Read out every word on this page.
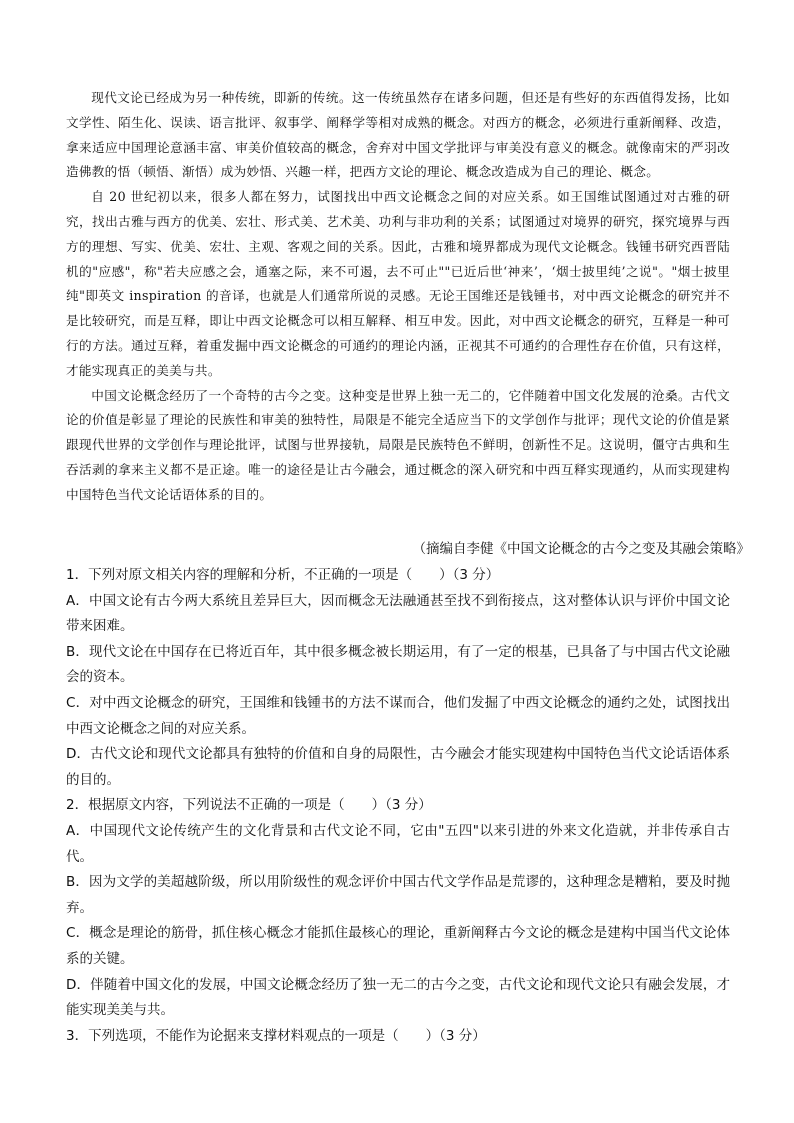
现代文论已经成为另一种传统，即新的传统。这一传统虽然存在诸多问题，但还是有些好的东西值得发扬，比如文学性、陌生化、误读、语言批评、叙事学、阐释学等相对成熟的概念。对西方的概念，必须进行重新阐释、改造，拿来适应中国理论意涵丰富、审美价值较高的概念，舍弃对中国文学批评与审美没有意义的概念。就像南宋的严羽改造佛教的悟（顿悟、渐悟）成为妙悟、兴趣一样，把西方文论的理论、概念改造成为自己的理论、概念。

自 20 世纪初以来，很多人都在努力，试图找出中西文论概念之间的对应关系。如王国维试图通过对古雅的研究，找出古雅与西方的优美、宏壮、形式美、艺术美、功利与非功利的关系；试图通过对境界的研究，探究境界与西方的理想、写实、优美、宏壮、主观、客观之间的关系。因此，古雅和境界都成为现代文论概念。钱锺书研究西晋陆机的"应感"，称"若夫应感之会，通塞之际，来不可遏，去不可止""已近后世‘神来’，‘烟士披里纯’之说"。"烟士披里纯"即英文 inspiration 的音译，也就是人们通常所说的灵感。无论王国维还是钱锺书，对中西文论概念的研究并不是比较研究，而是互释，即让中西文论概念可以相互解释、相互申发。因此，对中西文论概念的研究，互释是一种可行的方法。通过互释，着重发掘中西文论概念的可通约的理论内涵，正视其不可通约的合理性存在价值，只有这样，才能实现真正的美美与共。

中国文论概念经历了一个奇特的古今之变。这种变是世界上独一无二的，它伴随着中国文化发展的沧桑。古代文论的价值是彰显了理论的民族性和审美的独特性，局限是不能完全适应当下的文学创作与批评；现代文论的价值是紧跟现代世界的文学创作与理论批评，试图与世界接轨，局限是民族特色不鲜明，创新性不足。这说明，僵守古典和生吞活剥的拿来主义都不是正途。唯一的途径是让古今融会，通过概念的深入研究和中西互释实现通约，从而实现建构中国特色当代文论话语体系的目的。

（摘编自李健《中国文论概念的古今之变及其融会策略》

1．下列对原文相关内容的理解和分析，不正确的一项是（　　）（3 分）

A．中国文论有古今两大系统且差异巨大，因而概念无法融通甚至找不到衔接点，这对整体认识与评价中国文论带来困难。

B．现代文论在中国存在已将近百年，其中很多概念被长期运用，有了一定的根基，已具备了与中国古代文论融会的资本。

C．对中西文论概念的研究，王国维和钱锺书的方法不谋而合，他们发掘了中西文论概念的通约之处，试图找出中西文论概念之间的对应关系。

D．古代文论和现代文论都具有独特的价值和自身的局限性，古今融会才能实现建构中国特色当代文论话语体系的目的。

2．根据原文内容，下列说法不正确的一项是（　　）（3 分）

A．中国现代文论传统产生的文化背景和古代文论不同，它由"五四"以来引进的外来文化造就，并非传承自古代。

B．因为文学的美超越阶级，所以用阶级性的观念评价中国古代文学作品是荒谬的，这种理念是糟粕，要及时抛弃。

C．概念是理论的筋骨，抓住核心概念才能抓住最核心的理论，重新阐释古今文论的概念是建构中国当代文论体系的关键。

D．伴随着中国文化的发展，中国文论概念经历了独一无二的古今之变，古代文论和现代文论只有融会发展，才能实现美美与共。

3．下列选项，不能作为论据来支撑材料观点的一项是（　　）（3 分）
